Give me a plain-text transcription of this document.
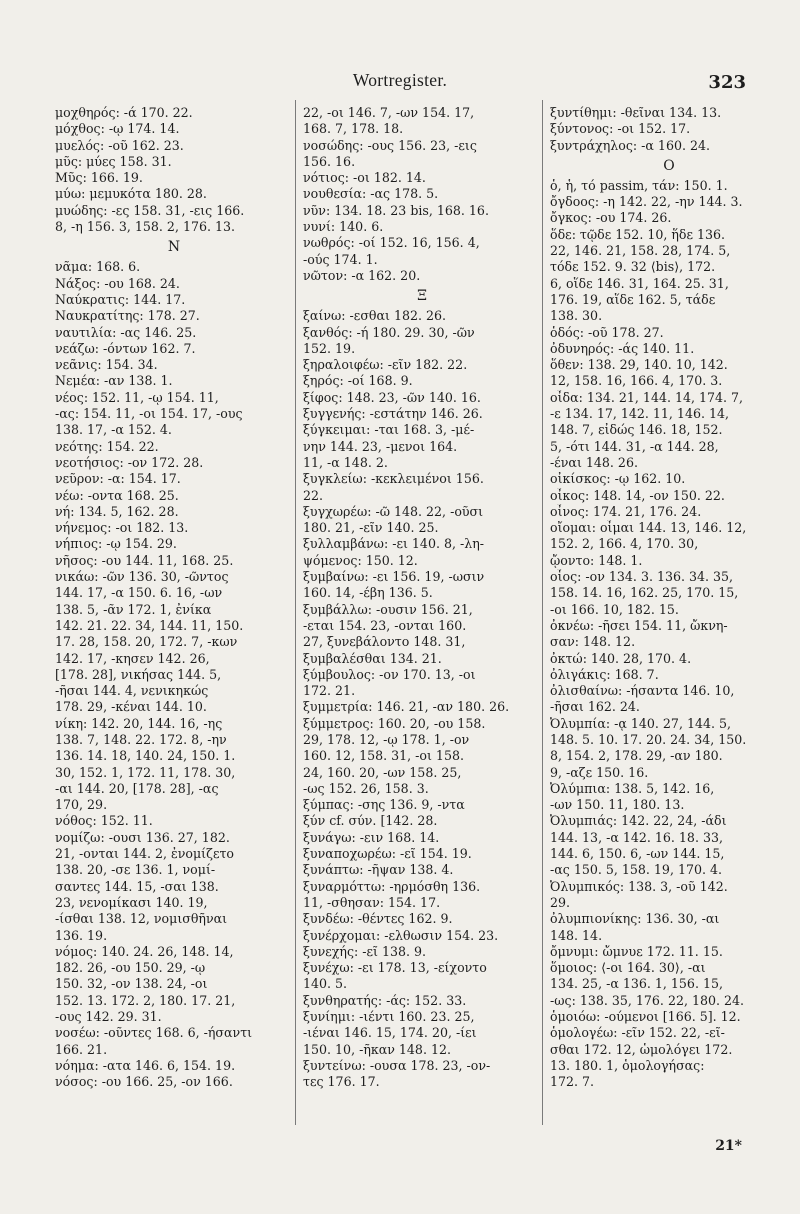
Wortregister.	323
μοχθηρός: -ά 170. 22.
μόχθος: -ῳ 174. 14.
μυελός: -οῦ 162. 23.
μῦς: μύες 158. 31.
Μῦς: 166. 19.
μύω: μεμυκότα 180. 28.
μυώδης: -ες 158. 31, -εις 166.
8, -η 156. 3, 158. 2, 176. 13.
Ν
νᾶμα: 168. 6.
Νάξος: -ου 168. 24.
Ναύκρατις: 144. 17.
Ναυκρατίτης: 178. 27.
ναυτιλία: -ας 146. 25.
νεάζω: -όντων 162. 7.
νεᾶνις: 154. 34.
Νεμέα: -αν 138. 1.
νέος: 152. 11, -ῳ 154. 11,
-ας: 154. 11, -οι 154. 17, -ους
138. 17, -α 152. 4.
νεότης: 154. 22.
νεοτήσιος: -ον 172. 28.
νεῦρον: -α: 154. 17.
νέω: -οντα 168. 25.
νή: 134. 5, 162. 28.
νήνεμος: -οι 182. 13.
νήπιος: -ῳ 154. 29.
νῆσος: -ου 144. 11, 168. 25.
νικάω: -ῶν 136. 30, -ῶντος
144. 17, -α 150. 6. 16, -ων
138. 5, -ᾶν 172. 1, ἐνίκα
142. 21. 22. 34, 144. 11, 150.
17. 28, 158. 20, 172. 7, -κων
142. 17, -κησεν 142. 26,
[178. 28], νικήσας 144. 5,
-ῆσαι 144. 4, νενικηκώς
178. 29, -κέναι 144. 10.
νίκη: 142. 20, 144. 16, -ης
138. 7, 148. 22. 172. 8, -ην
136. 14. 18, 140. 24, 150. 1.
30, 152. 1, 172. 11, 178. 30,
-αι 144. 20, [178. 28], -ας
170, 29.
νόθος: 152. 11.
νομίζω: -ουσι 136. 27, 182.
21, -ονται 144. 2, ἐνομίζετο
138. 20, -σε 136. 1, νομί-
σαντες 144. 15, -σαι 138.
23, νενομίκασι 140. 19,
-ίσθαι 138. 12, νομισθῆναι
136. 19.
νόμος: 140. 24. 26, 148. 14,
182. 26, -ου 150. 29, -ῳ
150. 32, -ον 138. 24, -οι
152. 13. 172. 2, 180. 17. 21,
-ους 142. 29. 31.
νοσέω: -οῦντες 168. 6, -ήσαντι
166. 21.
νόημα: -ατα 146. 6, 154. 19.
νόσος: -ου 166. 25, -ον 166.
22, -οι 146. 7, -ων 154. 17,
168. 7, 178. 18.
νοσώδης: -ους 156. 23, -εις
156. 16.
νότιος: -οι 182. 14.
νουθεσία: -ας 178. 5.
νῦν: 134. 18. 23 bis, 168. 16.
νυνί: 140. 6.
νωθρός: -οί 152. 16, 156. 4,
-ούς 174. 1.
νῶτον: -α 162. 20.
Ξ
ξαίνω: -εσθαι 182. 26.
ξανθός: -ή 180. 29. 30, -ῶν
152. 19.
ξηραλοιφέω: -εῖν 182. 22.
ξηρός: -οί 168. 9.
ξίφος: 148. 23, -ῶν 140. 16.
ξυγγενής: -εστάτην 146. 26.
ξύγκειμαι: -ται 168. 3, -μέ-
νην 144. 23, -μενοι 164.
11, -α 148. 2.
ξυγκλείω: -κεκλειμένοι 156.
22.
ξυγχωρέω: -ῶ 148. 22, -οῦσι
180. 21, -εῖν 140. 25.
ξυλλαμβάνω: -ει 140. 8, -λη-
ψόμενος: 150. 12.
ξυμβαίνω: -ει 156. 19, -ωσιν
160. 14, -έβη 136. 5.
ξυμβάλλω: -ουσιν 156. 21,
-εται 154. 23, -ονται 160.
27, ξυνεβάλοντο 148. 31,
ξυμβαλέσθαι 134. 21.
ξύμβουλος: -ον 170. 13, -οι
172. 21.
ξυμμετρία: 146. 21, -αν 180. 26.
ξύμμετρος: 160. 20, -ου 158.
29, 178. 12, -ῳ 178. 1, -ον
160. 12, 158. 31, -οι 158.
24, 160. 20, -ων 158. 25,
-ως 152. 26, 158. 3.
ξύμπας: -σης 136. 9, -ντα
ξύν cf. σύν. [142. 28.
ξυνάγω: -ειν 168. 14.
ξυναποχωρέω: -εῖ 154. 19.
ξυνάπτω: -ῆψαν 138. 4.
ξυναρμόττω: -ηρμόσθη 136.
11, -σθησαν: 154. 17.
ξυνδέω: -θέντες 162. 9.
ξυνέρχομαι: -ελθωσιν 154. 23.
ξυνεχής: -εῖ 138. 9.
ξυνέχω: -ει 178. 13, -είχοντο
140. 5.
ξυνθηρατής: -άς: 152. 33.
ξυνίημι: -ιέντι 160. 23. 25,
-ιέναι 146. 15, 174. 20, -ίει
150. 10, -ῆκαν 148. 12.
ξυντείνω: -ουσα 178. 23, -ον-
τες 176. 17.
ξυντίθημι: -θεῖναι 134. 13.
ξύντονος: -οι 152. 17.
ξυντράχηλος: -α 160. 24.
Ο
ὁ, ἡ, τό passim, τάν: 150. 1.
ὄγδοος: -η 142. 22, -ην 144. 3.
ὄγκος: -ου 174. 26.
ὅδε: τῷδε 152. 10, ἥδε 136.
22, 146. 21, 158. 28, 174. 5,
τόδε 152. 9. 32 ⟨bis⟩, 172.
6, οἵδε 146. 31, 164. 25. 31,
176. 19, αἵδε 162. 5, τάδε
138. 30.
ὁδός: -οῦ 178. 27.
ὀδυνηρός: -άς 140. 11.
ὅθεν: 138. 29, 140. 10, 142.
12, 158. 16, 166. 4, 170. 3.
οἶδα: 134. 21, 144. 14, 174. 7,
-ε 134. 17, 142. 11, 146. 14,
148. 7, εἰδώς 146. 18, 152.
5, -ότι 144. 31, -α 144. 28,
-έναι 148. 26.
οἰκίσκος: -ῳ 162. 10.
οἶκος: 148. 14, -ον 150. 22.
οἶνος: 174. 21, 176. 24.
οἴομαι: οἶμαι 144. 13, 146. 12,
152. 2, 166. 4, 170. 30,
ᾤοντο: 148. 1.
οἷος: -ον 134. 3. 136. 34. 35,
158. 14. 16, 162. 25, 170. 15,
-οι 166. 10, 182. 15.
ὀκνέω: -ῆσει 154. 11, ὤκνη-
σαν: 148. 12.
ὀκτώ: 140. 28, 170. 4.
ὀλιγάκις: 168. 7.
ὀλισθαίνω: -ήσαντα 146. 10,
-ῆσαι 162. 24.
Ὀλυμπία: -ᾳ 140. 27, 144. 5,
148. 5. 10. 17. 20. 24. 34, 150.
8, 154. 2, 178. 29, -αν 180.
9, -αζε 150. 16.
Ὀλύμπια: 138. 5, 142. 16,
-ων 150. 11, 180. 13.
Ὀλυμπιάς: 142. 22, 24, -άδι
144. 13, -α 142. 16. 18. 33,
144. 6, 150. 6, -ων 144. 15,
-ας 150. 5, 158. 19, 170. 4.
Ὀλυμπικός: 138. 3, -οῦ 142.
29.
ὀλυμπιονίκης: 136. 30, -αι
148. 14.
ὄμνυμι: ὤμνυε 172. 11. 15.
ὅμοιος: ⟨-οι 164. 30⟩, -αι
134. 25, -α 136. 1, 156. 15,
-ως: 138. 35, 176. 22, 180. 24.
ὁμοιόω: -ούμενοι [166. 5]. 12.
ὁμολογέω: -εῖν 152. 22, -εῖ-
σθαι 172. 12, ὡμολόγει 172.
13. 180. 1, ὁμολογήσας:
172. 7.
21*
